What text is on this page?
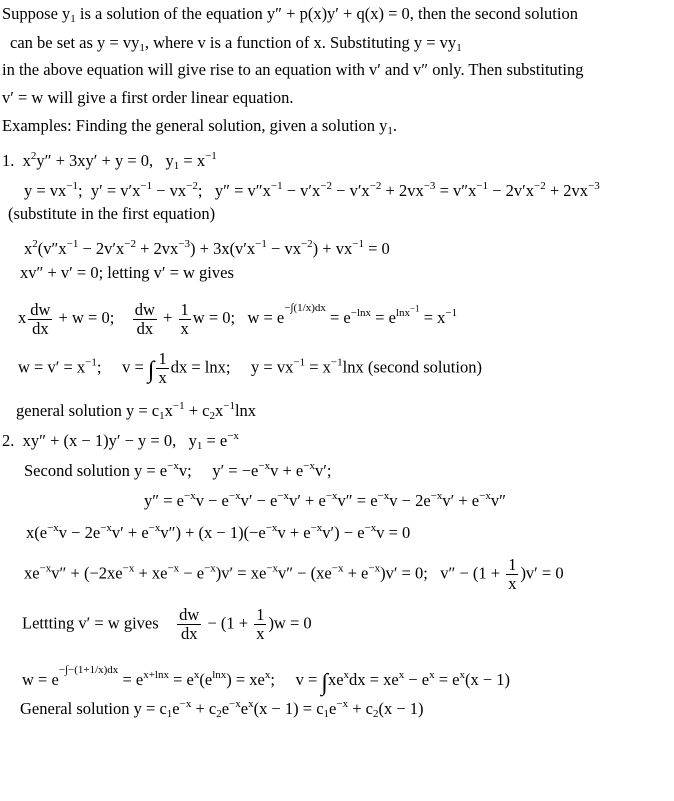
Suppose $y_1$ is a solution of the equation y″ + p(x)y′ + q(x) = 0, then the second solution
can be set as $y = vy_1$, where v is a function of x. Substituting $y = vy_1$
in the above equation will give rise to an equation with v′ and v″ only. Then substituting
v′ = w will give a first order linear equation.
Examples: Finding the general solution, given a solution $y_1$.
1.  $x^2y'' + 3xy' + y = 0$,   $y_1 = x^{-1}$
$y = vx^{-1}$;  $y' = v'x^{-1} - vx^{-2}$;   $y'' = v''x^{-1} - v'x^{-2} - v'x^{-2} + 2vx^{-3} = v''x^{-1} - 2v'x^{-2} + 2vx^{-3}$
(substitute in the first equation)
$x^2(v''x^{-1} - 2v'x^{-2} + 2vx^{-3}) + 3x(v'x^{-1} - vx^{-2}) + vx^{-1} = 0$
xv″ + v′ = 0; letting v′ = w gives
x $\frac{dw}{dx} + w = 0$; $\frac{dw}{dx} + \frac{1}{x}$ w = 0;   $w = e^{-\int(1/x)dx} = e^{-lnx} = e^{lnx^{-1}} = x^{-1}$
$w = v' = x^{-1}$;     v = ∫ $\frac{1}{x}$ dx = lnx;     $y = vx^{-1} = x^{-1}\ln x$ (second solution)
general solution $y = c_1x^{-1} + c_2x^{-1}\ln x$
2.  xy″ + (x − 1)y′ − y = 0,   $y_1 = e^{-x}$
Second solution $y = e^{-x}v$;     $y' = -e^{-x}v + e^{-x}v'$;
$y'' = e^{-x}v - e^{-x}v' - e^{-x}v' + e^{-x}v'' = e^{-x}v - 2e^{-x}v' + e^{-x}v''$
$x(e^{-x}v - 2e^{-x}v' + e^{-x}v'') + (x - 1)(-e^{-x}v + e^{-x}v') - e^{-x}v = 0$
$xe^{-x}v'' + (-2xe^{-x} + xe^{-x} - e^{-x})v' = xe^{-x}v'' - (xe^{-x} + e^{-x})v' = 0$;   $v'' - (1 + \frac{1}{x} )v' = 0$
Lettting v′ = w gives $\frac{dw}{dx} - (1 + \frac{1}{x} )w = 0$
$w = e^{-\int-(1+1/x)dx} = e^{x+lnx} = e^x(e^{lnx}) = xe^x$;     $v = \int xe^xdx = xe^x - e^x = e^x(x - 1)$
General solution $y = c_1e^{-x} + c_2e^{-x}e^x(x - 1) = c_1e^{-x} + c_2(x - 1)$
